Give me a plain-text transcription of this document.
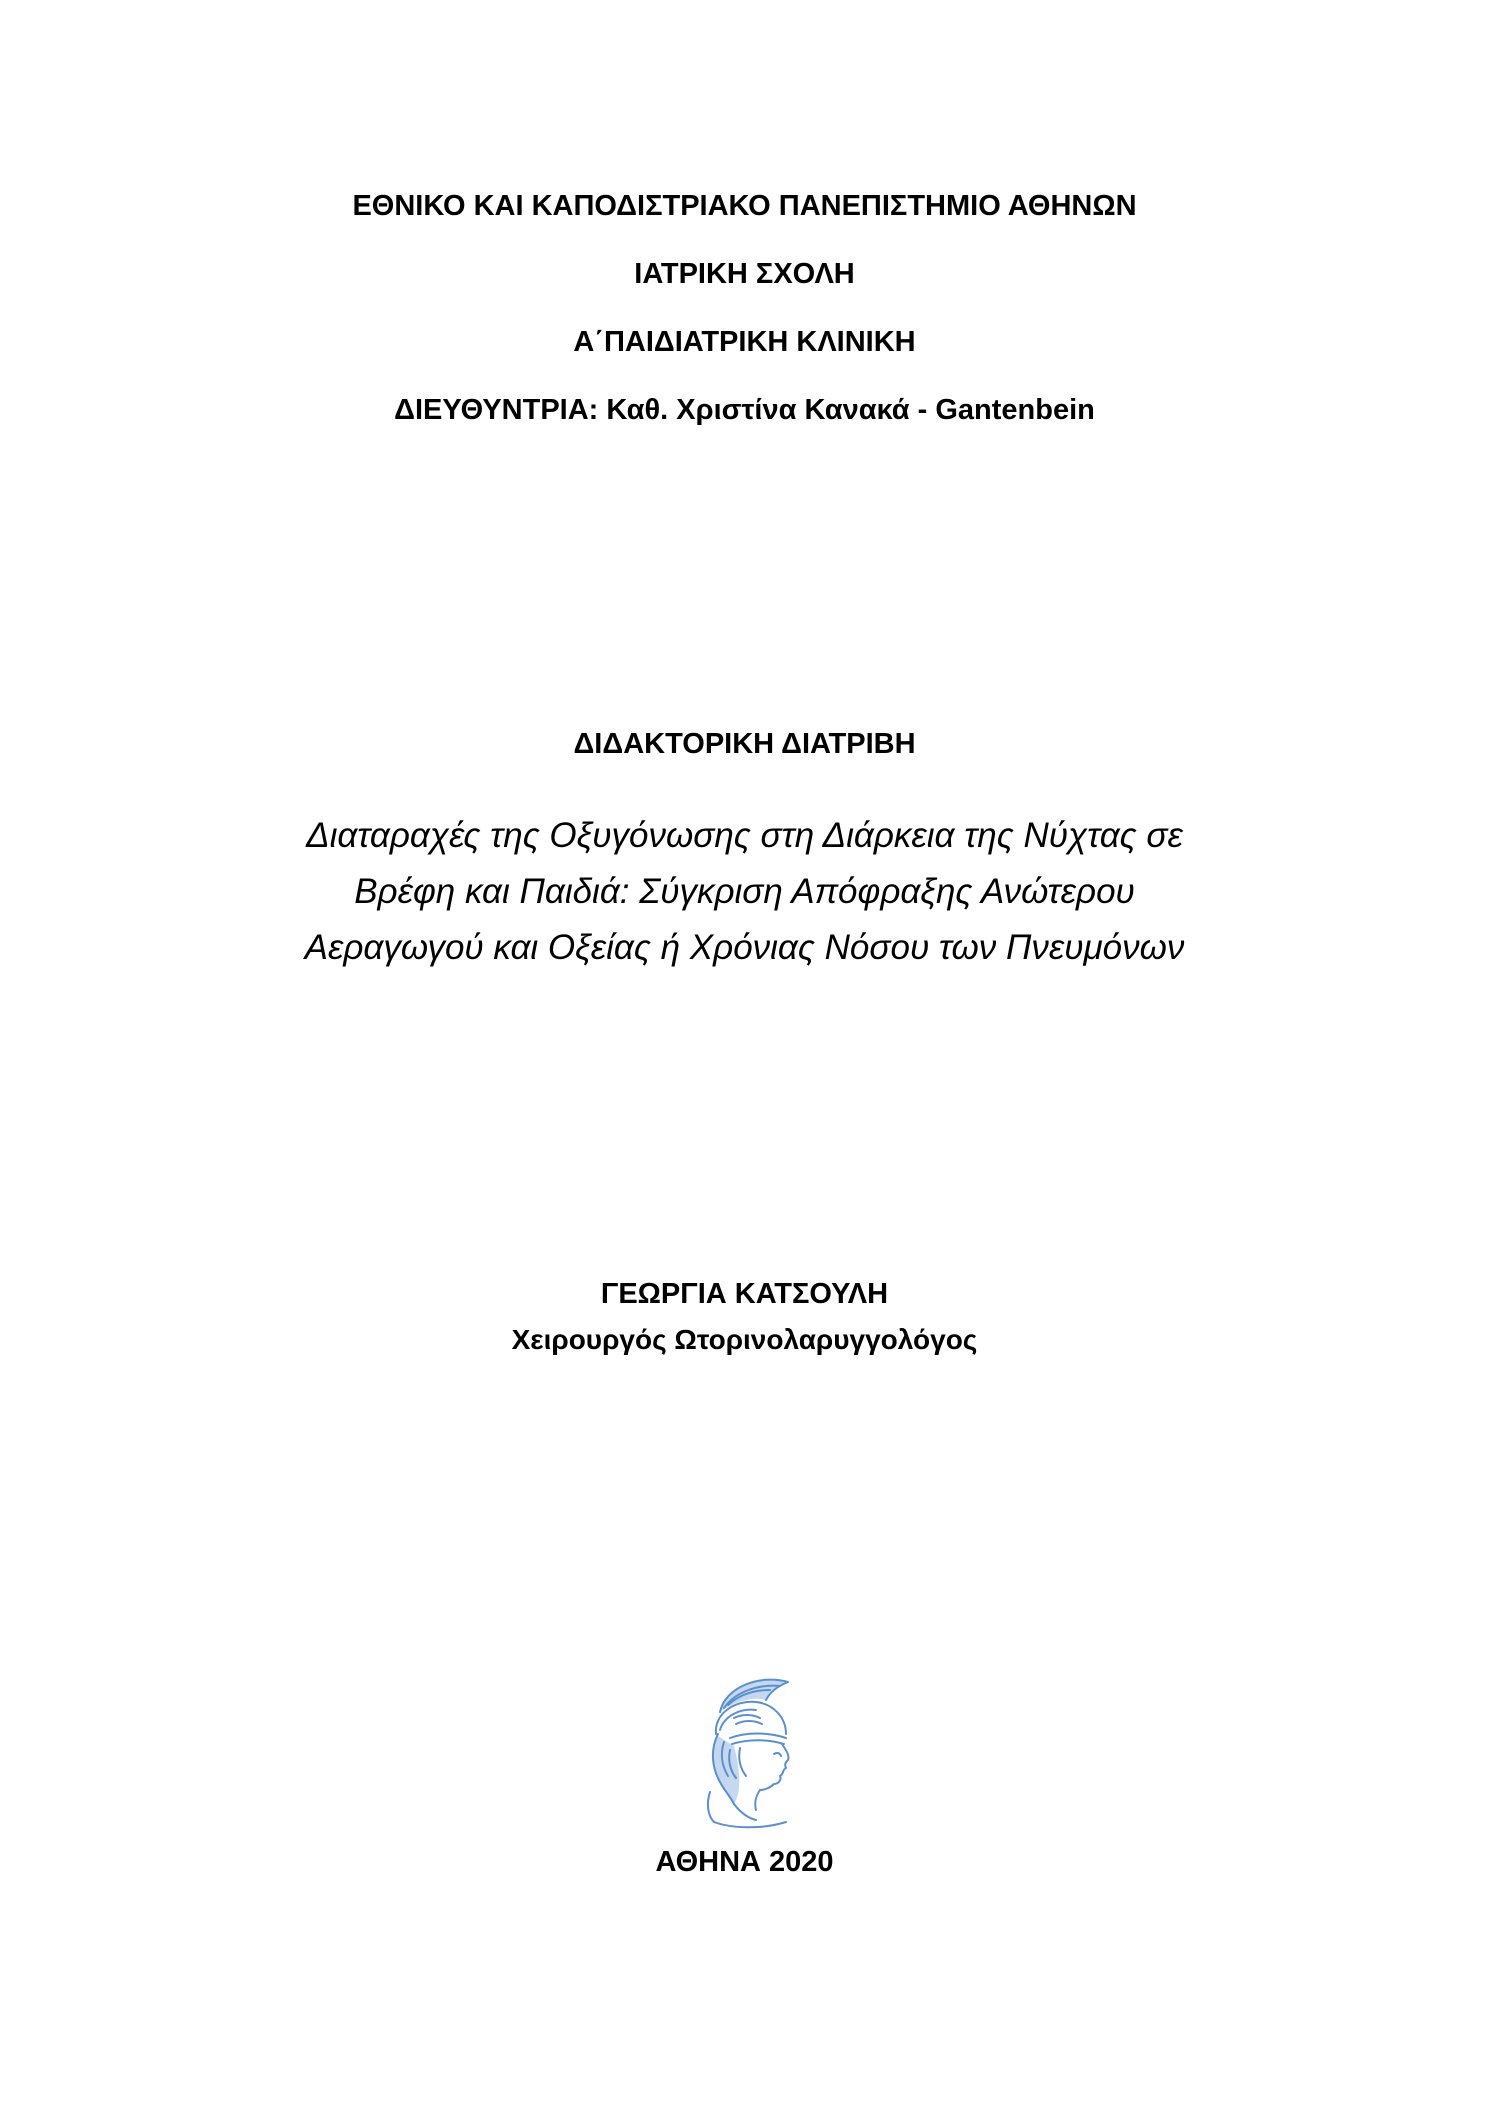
ΕΘΝΙΚΟ ΚΑΙ ΚΑΠΟΔΙΣΤΡΙΑΚΟ ΠΑΝΕΠΙΣΤΗΜΙΟ ΑΘΗΝΩΝ
ΙΑΤΡΙΚΗ ΣΧΟΛΗ
Α΄ΠΑΙΔΙΑΤΡΙΚΗ ΚΛΙΝΙΚΗ
ΔΙΕΥΘΥΝΤΡΙΑ: Καθ. Χριστίνα Κανακά - Gantenbein
ΔΙΔΑΚΤΟΡΙΚΗ ΔΙΑΤΡΙΒΗ
Διαταραχές της Οξυγόνωσης στη Διάρκεια της Νύχτας σε
Βρέφη και Παιδιά: Σύγκριση Απόφραξης Ανώτερου
Αεραγωγού και Οξείας ή Χρόνιας Νόσου των Πνευμόνων
ΓΕΩΡΓΙΑ ΚΑΤΣΟΥΛΗ
Χειρουργός Ωτορινολαρυγγολόγος
ΑΘΗΝΑ 2020
